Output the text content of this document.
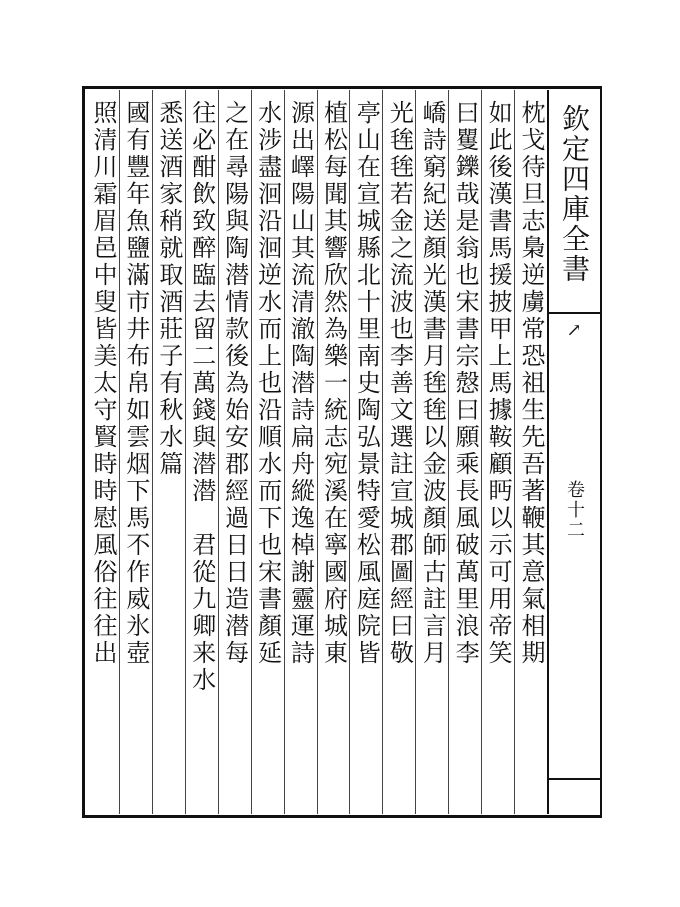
枕戈待旦志梟逆虜常恐祖生先吾著鞭其意氣相期
如此後漢書馬援披甲上馬據鞍顧眄以示可用帝笑
曰矍鑠哉是翁也宋書宗慤曰願乘長風破萬里浪李
嶠詩窮紀送顏光漢書月毪毪以金波顏師古註言月
光毪毪若金之流波也李善文選註宣城郡圖經曰敬
亭山在宣城縣北十里南史陶弘景特愛松風庭院皆
植松每聞其響欣然為樂一統志宛溪在寧國府城東
源出嶧陽山其流清澈陶潜詩扁舟縱逸棹謝靈運詩
水涉盡洄沿洄逆水而上也沿順水而下也宋書顏延
之在尋陽與陶潜情款後為始安郡經過日日造潜每
往必酣飲致醉臨去留二萬錢與潜潜　君從九卿来水
悉送酒家稍就取酒莊子有秋水篇
國有豐年魚鹽滿市井布帛如雲烟下馬不作威氷壺
照清川霜眉邑中叟皆美太守賢時時慰風俗往往出	欽定四庫全書
↗
卷十二
